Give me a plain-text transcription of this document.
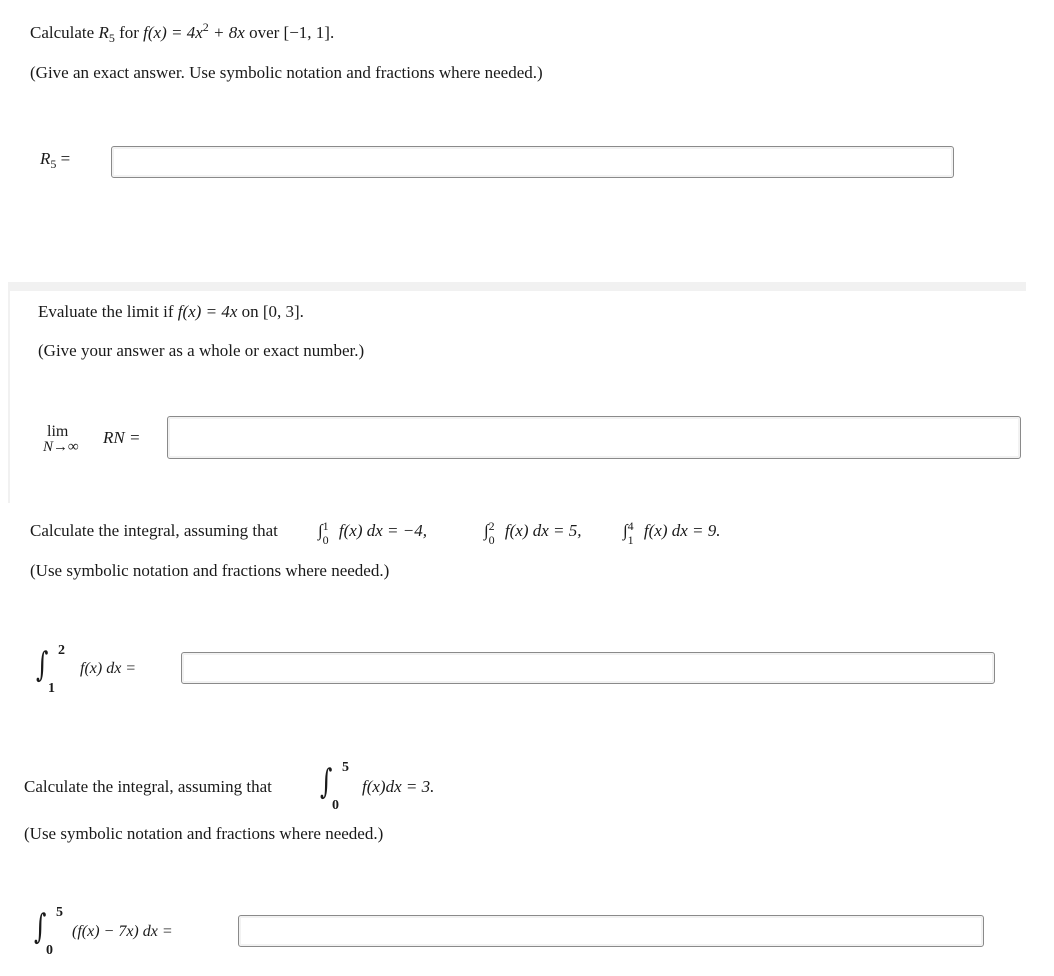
Calculate $R_5$ for $f(x) = 4x^2 + 8x$ over [−1, 1].
(Give an exact answer. Use symbolic notation and fractions where needed.)
$R_5$ =
Evaluate the limit if f(x) = 4x on [0, 3].
(Give your answer as a whole or exact number.)
lim
N→∞ RN =
Calculate the integral, assuming that ∫ 1
0 f(x) dx = −4,	∫ 2
0 f(x) dx = 5, ∫ 4
1 f(x) dx = 9.
(Use symbolic notation and fractions where needed.)
∫ 2
1
f(x) dx =
Calculate the integral, assuming that ∫ 5
0
f(x)dx = 3.
(Use symbolic notation and fractions where needed.)
∫ 5
0
(f(x) − 7x) dx =
